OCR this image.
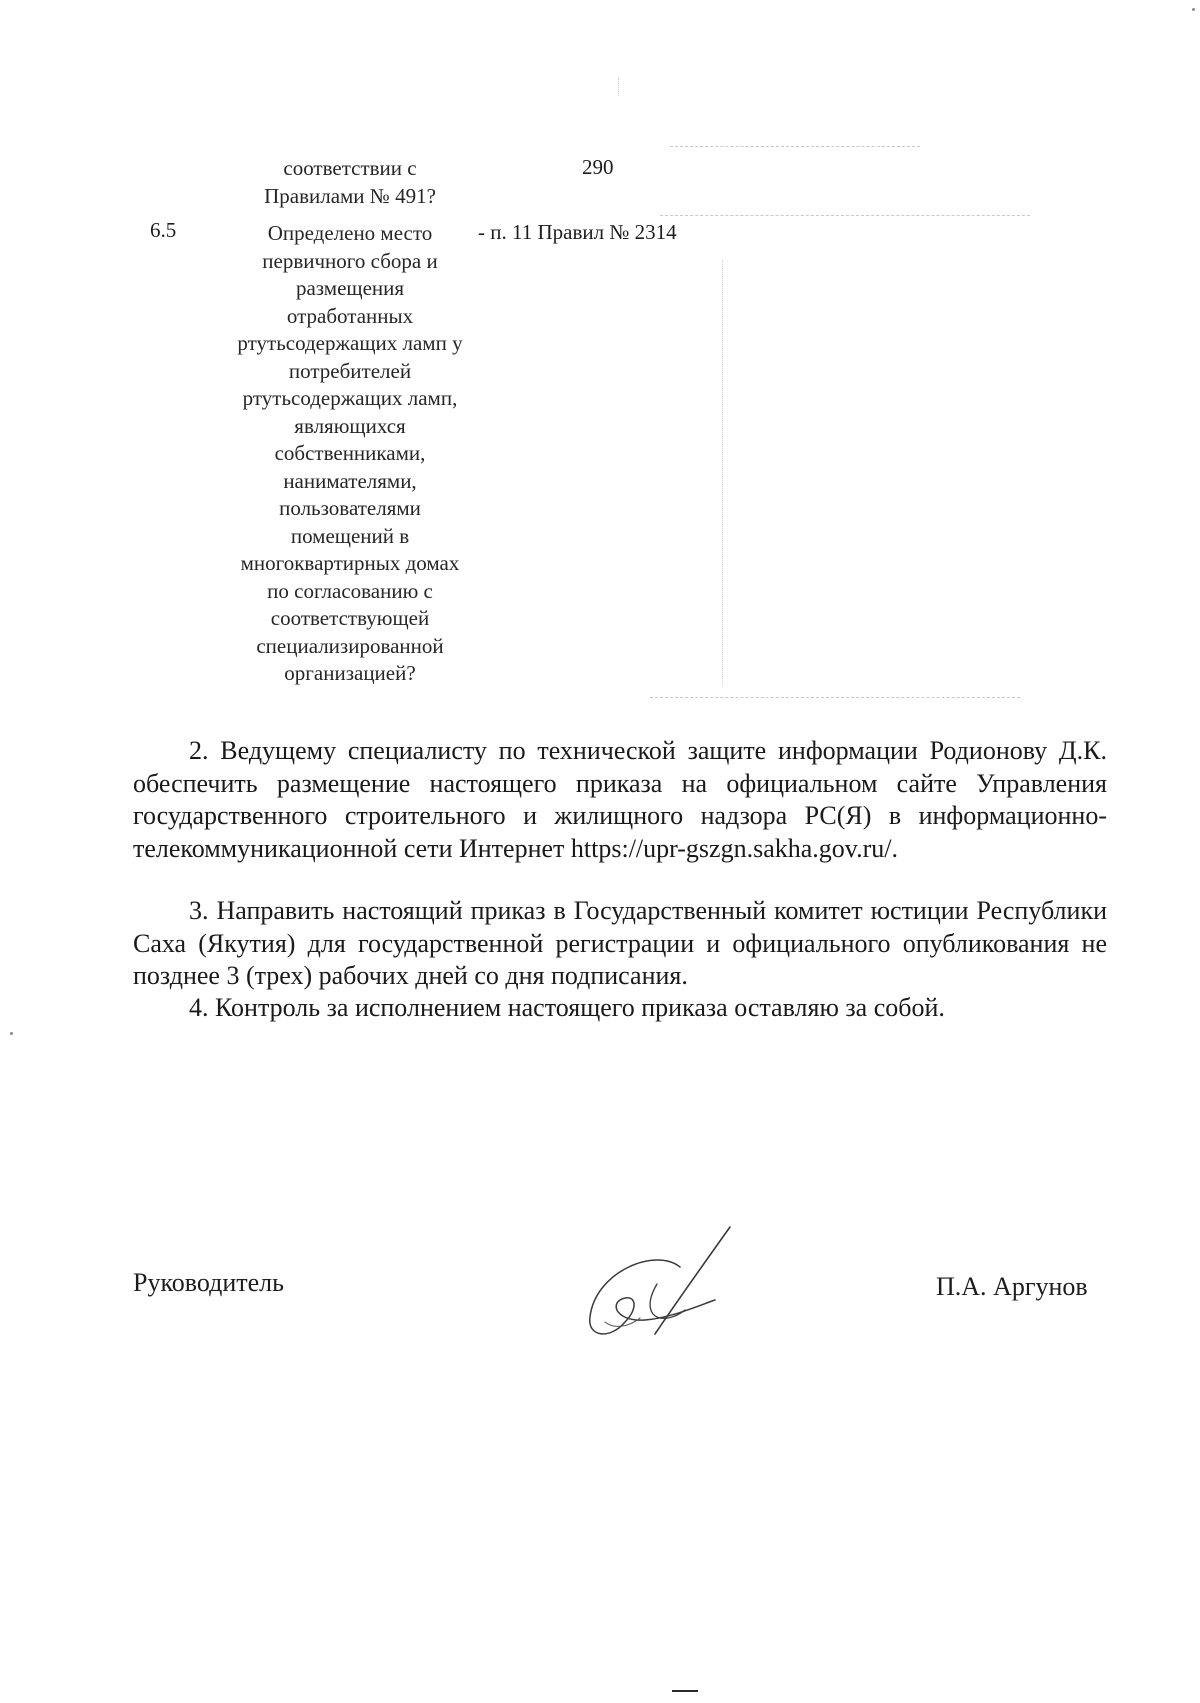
соответствии с
Правилами № 491?
290
6.5	Определено место
первичного сбора и
размещения
отработанных
ртутьсодержащих ламп у
потребителей
ртутьсодержащих ламп,
являющихся
собственниками,
нанимателями,
пользователями
помещений в
многоквартирных домах
по согласованию с
соответствующей
специализированной
организацией?
- п. 11 Правил № 2314
2. Ведущему специалисту по технической защите информации Родионову Д.К. обеспечить размещение настоящего приказа на официальном сайте Управления государственного строительного и жилищного надзора РС(Я) в информационно-телекоммуникационной сети Интернет https://upr-gszgn.sakha.gov.ru/.
3. Направить настоящий приказ в Государственный комитет юстиции Республики Саха (Якутия) для государственной регистрации и официального опубликования не позднее 3 (трех) рабочих дней со дня подписания.
4. Контроль за исполнением настоящего приказа оставляю за собой.
Руководитель	П.А. Аргунов
